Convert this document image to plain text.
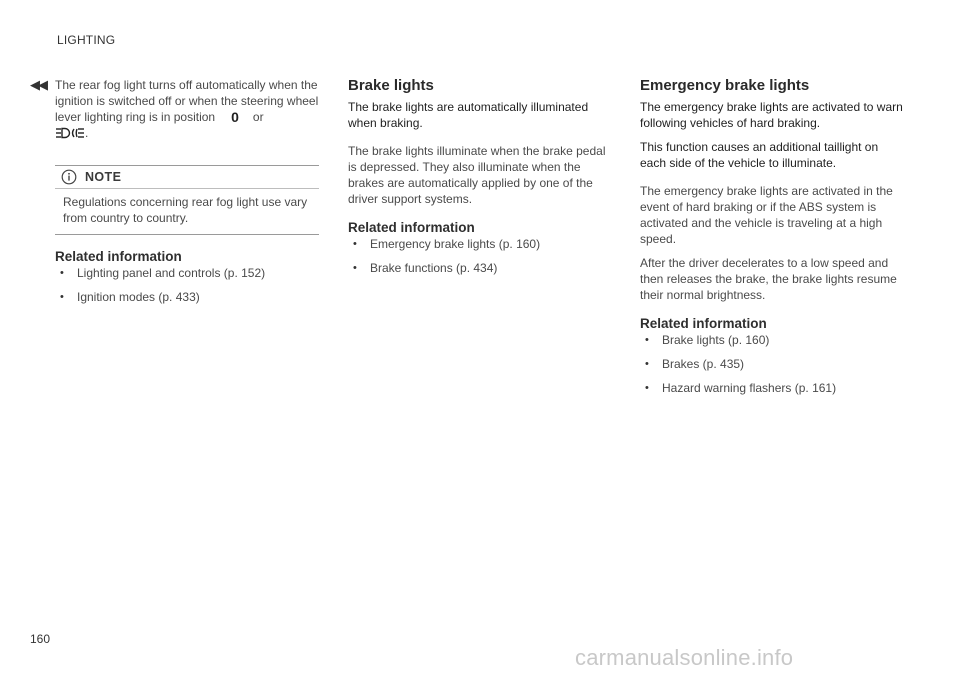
LIGHTING
◀◀ The rear fog light turns off automatically when the ignition is switched off or when the steering wheel lever lighting ring is in position 0 or
.

NOTE

Regulations concerning rear fog light use vary from country to country.

Related information
• Lighting panel and controls (p. 152)
• Ignition modes (p. 433)
Brake lights

The brake lights are automatically illuminated when braking.

The brake lights illuminate when the brake pedal is depressed. They also illuminate when the brakes are automatically applied by one of the driver support systems.

Related information
• Emergency brake lights (p. 160)
• Brake functions (p. 434)
Emergency brake lights

The emergency brake lights are activated to warn following vehicles of hard braking.

This function causes an additional taillight on each side of the vehicle to illuminate.

The emergency brake lights are activated in the event of hard braking or if the ABS system is activated and the vehicle is traveling at a high speed.

After the driver decelerates to a low speed and then releases the brake, the brake lights resume their normal brightness.

Related information
• Brake lights (p. 160)
• Brakes (p. 435)
• Hazard warning flashers (p. 161)
160
carmanualsonline.info
